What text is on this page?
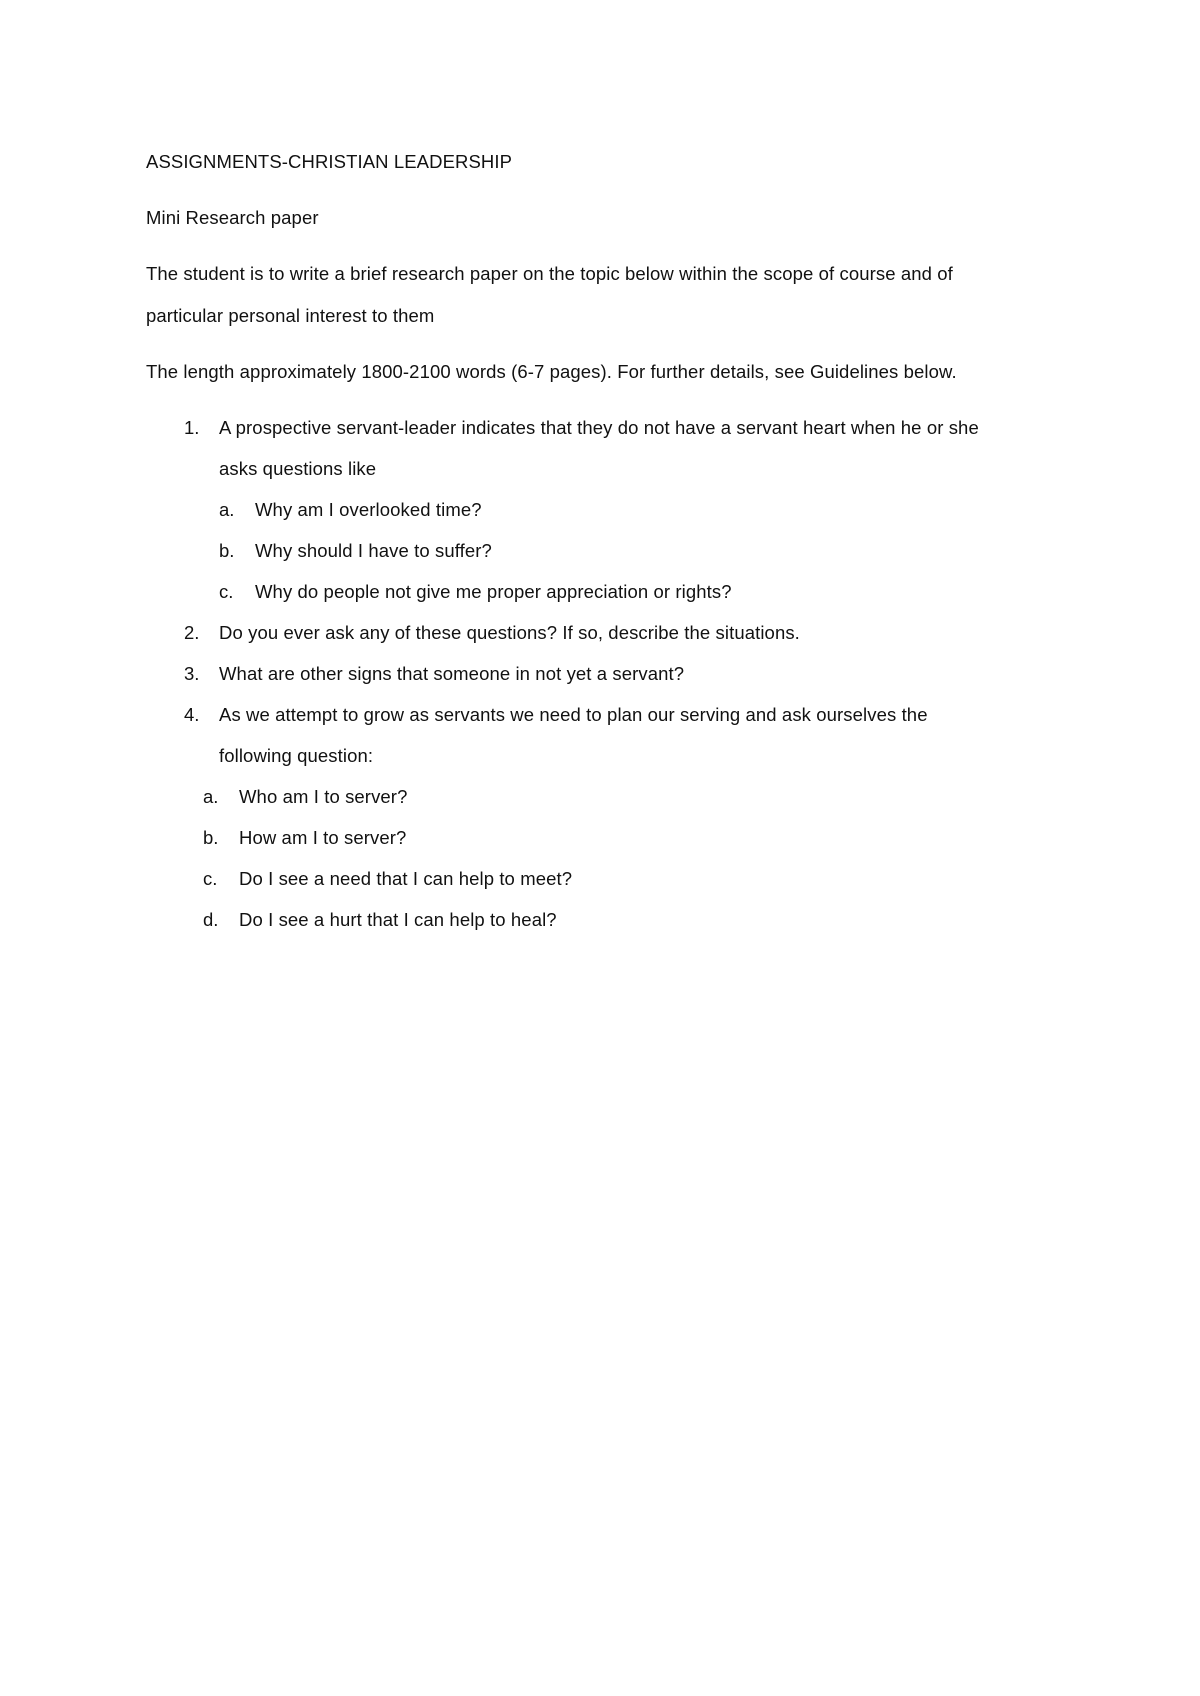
ASSIGNMENTS-CHRISTIAN LEADERSHIP
Mini Research paper
The student is to write a brief research paper on the topic below within the scope of course and of
particular personal interest to them
The length approximately 1800-2100 words (6-7 pages). For further details, see Guidelines below.
1. A prospective servant-leader indicates that they do not have a servant heart when he or she
asks questions like
a. Why am I overlooked time?
b. Why should I have to suffer?
c. Why do people not give me proper appreciation or rights?
2. Do you ever ask any of these questions? If so, describe the situations.
3. What are other signs that someone in not yet a servant?
4. As we attempt to grow as servants we need to plan our serving and ask ourselves the
following question:
a. Who am I to server?
b. How am I to server?
c. Do I see a need that I can help to meet?
d. Do I see a hurt that I can help to heal?
